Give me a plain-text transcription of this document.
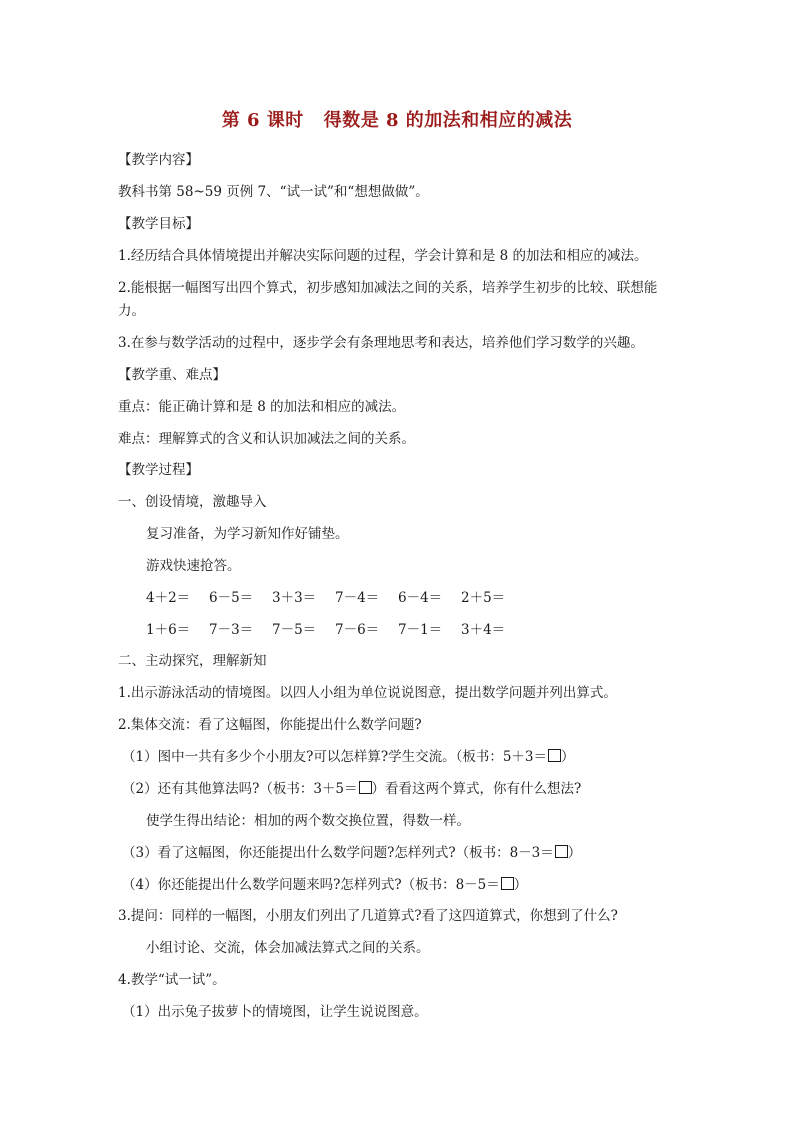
第 6 课时 得数是 8 的加法和相应的减法
【教学内容】
教科书第 58~59 页例 7、“试一试”和“想想做做”。
【教学目标】
1.经历结合具体情境提出并解决实际问题的过程，学会计算和是 8 的加法和相应的减法。
2.能根据一幅图写出四个算式，初步感知加减法之间的关系，培养学生初步的比较、联想能
力。
3.在参与数学活动的过程中，逐步学会有条理地思考和表达，培养他们学习数学的兴趣。
【教学重、难点】
重点：能正确计算和是 8 的加法和相应的减法。
难点：理解算式的含义和认识加减法之间的关系。
【教学过程】
一、创设情境，激趣导入
复习准备，为学习新知作好铺垫。
游戏快速抢答。
4＋2＝ 6－5＝ 3＋3＝ 7－4＝ 6－4＝ 2＋5＝
1＋6＝ 7－3＝ 7－5＝ 7－6＝ 7－1＝ 3＋4＝
二、主动探究，理解新知
1.出示游泳活动的情境图。以四人小组为单位说说图意，提出数学问题并列出算式。
2.集体交流：看了这幅图，你能提出什么数学问题?
（1）图中一共有多少个小朋友?可以怎样算?学生交流。（板书：5＋3＝ ）
（2）还有其他算法吗?（板书：3＋5＝ ）看看这两个算式，你有什么想法?
使学生得出结论：相加的两个数交换位置，得数一样。
（3）看了这幅图，你还能提出什么数学问题?怎样列式?（板书：8－3＝ ）
（4）你还能提出什么数学问题来吗?怎样列式?（板书：8－5＝ ）
3.提问：同样的一幅图，小朋友们列出了几道算式?看了这四道算式，你想到了什么?
小组讨论、交流，体会加减法算式之间的关系。
4.教学“试一试”。
（1）出示兔子拔萝卜的情境图，让学生说说图意。
